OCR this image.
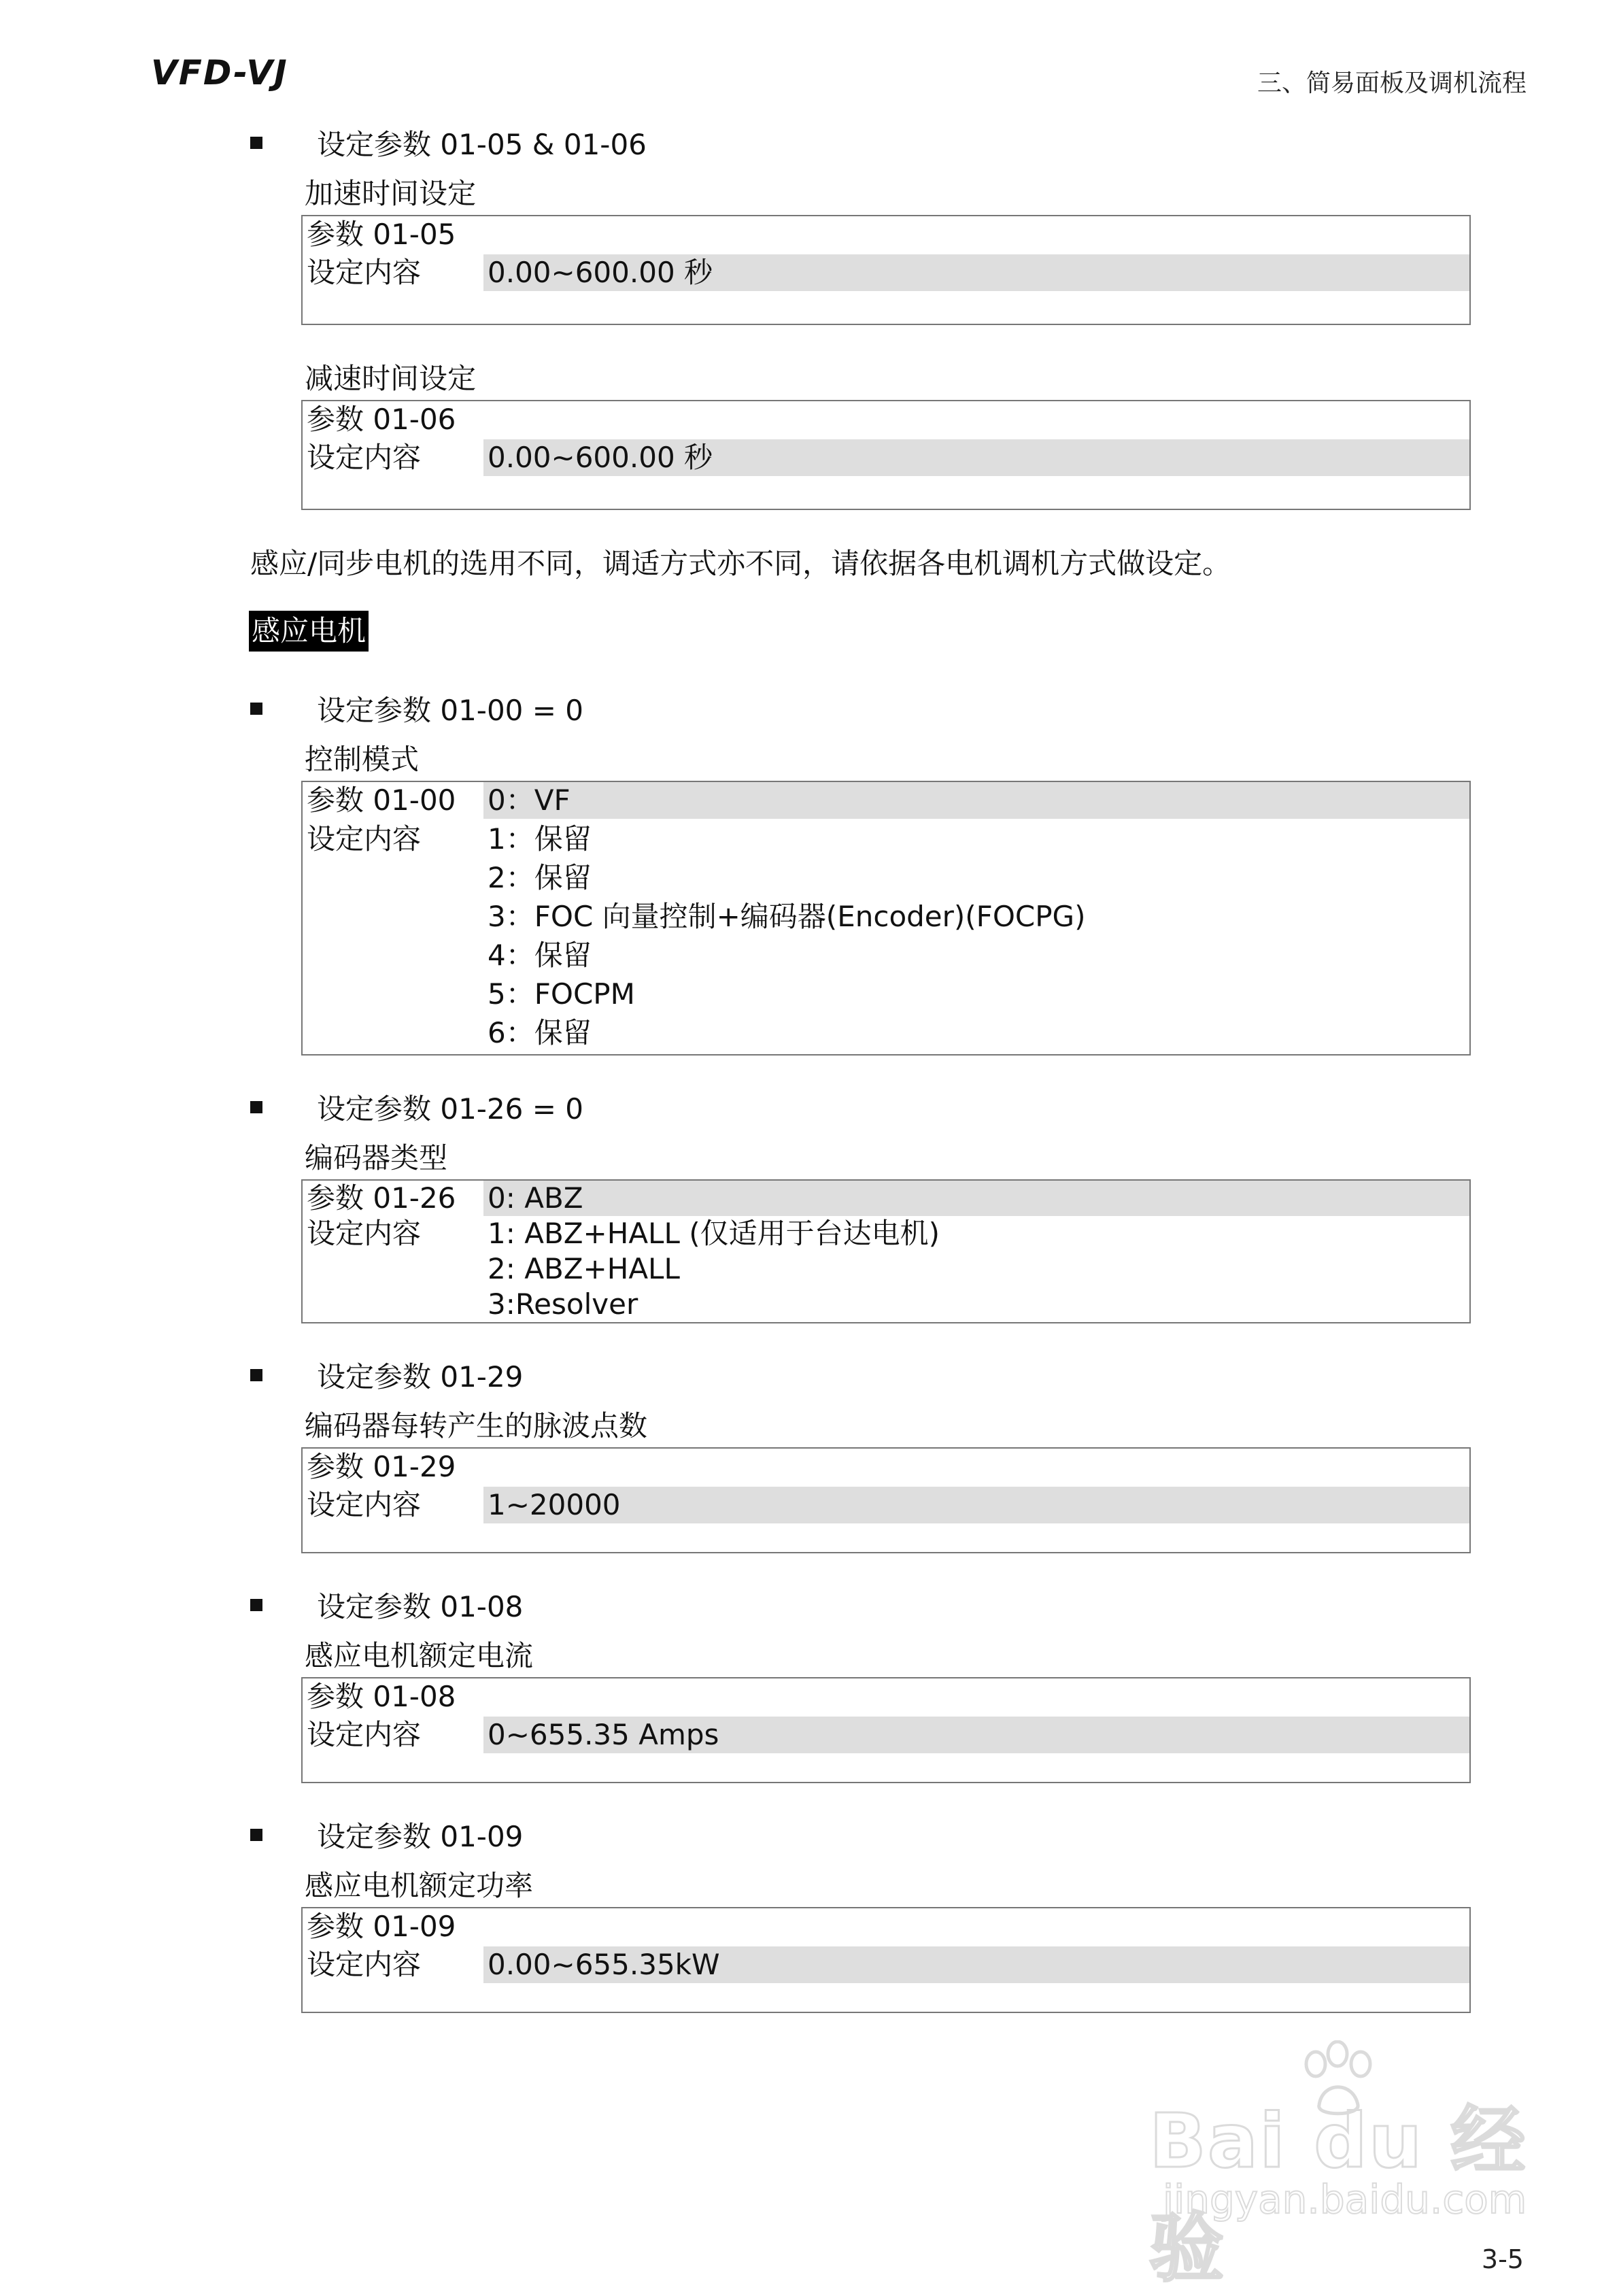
VFD-VJ	三、简易面板及调机流程
设定参数 01-05 & 01-06
加速时间设定
参数 01-05
设定内容 0.00~600.00 秒
减速时间设定
参数 01-06
设定内容 0.00~600.00 秒
感应/同步电机的选用不同，调适方式亦不同，请依据各电机调机方式做设定。
感应电机
设定参数 01-00 = 0
控制模式
参数 01-00 0：VF
设定内容 1：保留
2：保留
3：FOC 向量控制+编码器(Encoder)(FOCPG)
4：保留
5：FOCPM
6：保留
设定参数 01-26 = 0
编码器类型
参数 01-26 0: ABZ
设定内容 1: ABZ+HALL (仅适用于台达电机)
2: ABZ+HALL
3:Resolver
设定参数 01-29
编码器每转产生的脉波点数
参数 01-29
设定内容 1~20000
设定参数 01-08
感应电机额定电流
参数 01-08
设定内容 0~655.35 Amps
设定参数 01-09
感应电机额定功率
参数 01-09
设定内容 0.00~655.35kW
Bai du 经验
jingyan.baidu.com
3-5
